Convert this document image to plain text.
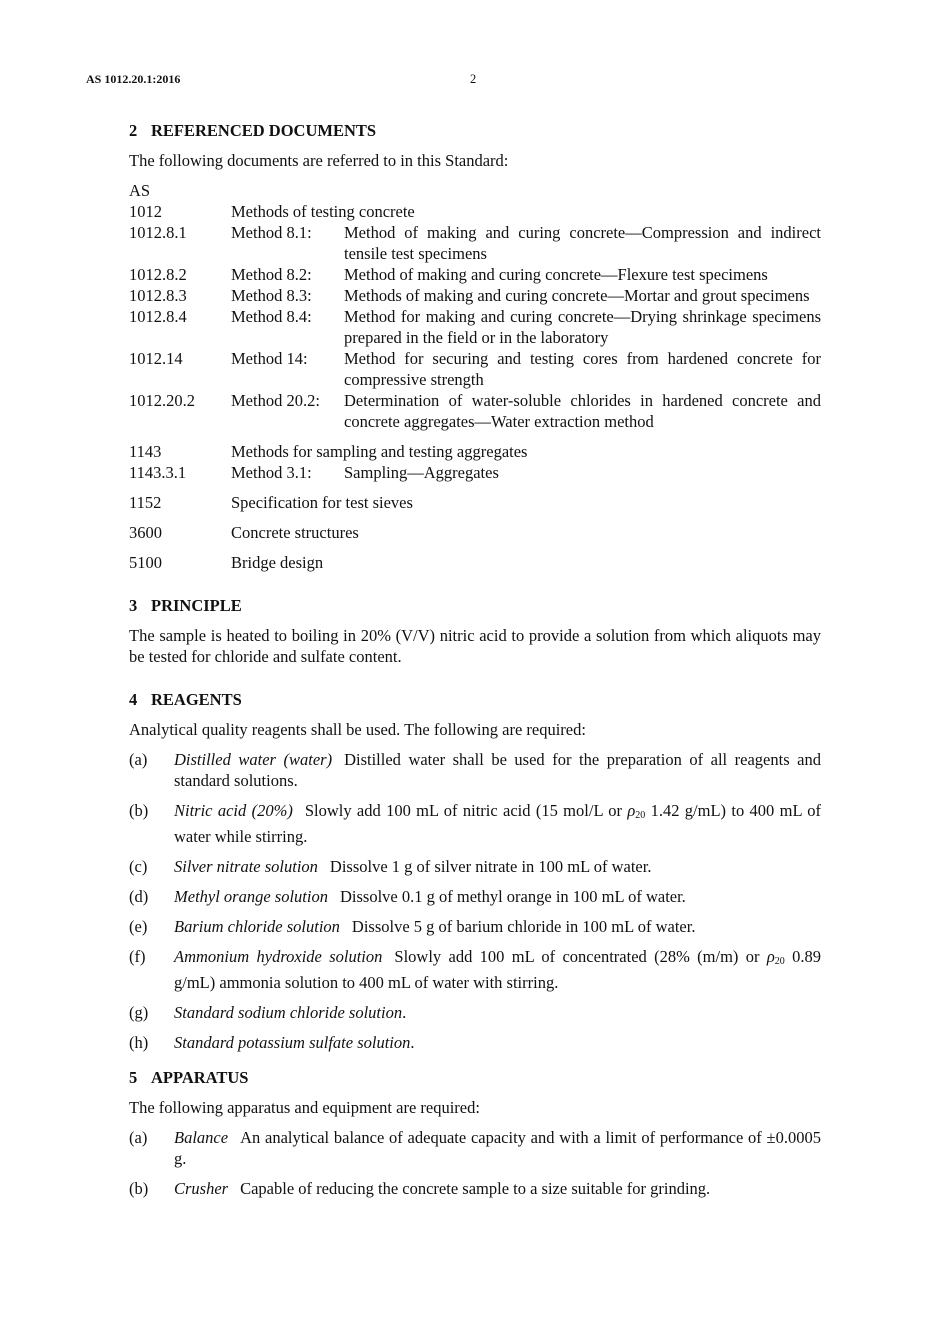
AS 1012.20.1:2016	2
2 REFERENCED DOCUMENTS

The following documents are referred to in this Standard:

AS
1012	Methods of testing concrete
1012.8.1	Method 8.1:	Method of making and curing concrete—Compression and indirect tensile test specimens
1012.8.2	Method 8.2:	Method of making and curing concrete—Flexure test specimens
1012.8.3	Method 8.3:	Methods of making and curing concrete—Mortar and grout specimens
1012.8.4	Method 8.4:	Method for making and curing concrete—Drying shrinkage specimens prepared in the field or in the laboratory
1012.14	Method 14:	Method for securing and testing cores from hardened concrete for compressive strength
1012.20.2	Method 20.2:	Determination of water-soluble chlorides in hardened concrete and concrete aggregates—Water extraction method
1143	Methods for sampling and testing aggregates
1143.3.1	Method 3.1:	Sampling—Aggregates
1152	Specification for test sieves
3600	Concrete structures
5100	Bridge design
3 PRINCIPLE

The sample is heated to boiling in 20% (V/V) nitric acid to provide a solution from which aliquots may be tested for chloride and sulfate content.

4 REAGENTS

Analytical quality reagents shall be used. The following are required:

(a)	Distilled water (water) Distilled water shall be used for the preparation of all reagents and standard solutions.
(b)	Nitric acid (20%) Slowly add 100 mL of nitric acid (15 mol/L or $\rho_{20}$ 1.42 g/mL) to 400 mL of water while stirring.
(c)	Silver nitrate solution Dissolve 1 g of silver nitrate in 100 mL of water.
(d)	Methyl orange solution Dissolve 0.1 g of methyl orange in 100 mL of water.
(e)	Barium chloride solution Dissolve 5 g of barium chloride in 100 mL of water.
(f)	Ammonium hydroxide solution Slowly add 100 mL of concentrated (28% (m/m) or $\rho_{20}$ 0.89 g/mL) ammonia solution to 400 mL of water with stirring.
(g)	Standard sodium chloride solution.
(h)	Standard potassium sulfate solution.
5 APPARATUS

The following apparatus and equipment are required:

(a)	Balance An analytical balance of adequate capacity and with a limit of performance of ±0.0005 g.
(b)	Crusher Capable of reducing the concrete sample to a size suitable for grinding.
